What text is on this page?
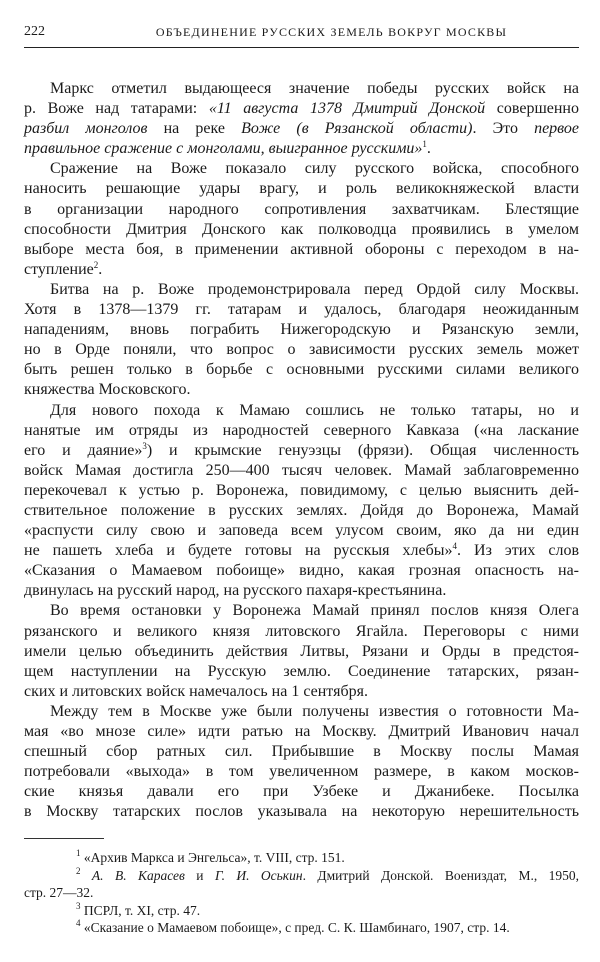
222	ОБЪЕДИНЕНИЕ РУССКИХ ЗЕМЕЛЬ ВОКРУГ МОСКВЫ
Маркс отметил выдающееся значение победы русских войск на
р. Воже над татарами: «11 августа 1378 Дмитрий Донской совершенно
разбил монголов на реке Воже (в Рязанской области). Это первое
правильное сражение с монголами, выигранное русскими»$^1$.
Сражение на Воже показало силу русского войска, способного
наносить решающие удары врагу, и роль великокняжеской власти
в организации народного сопротивления захватчикам. Блестящие
способности Дмитрия Донского как полководца проявились в умелом
выборе места боя, в применении активной обороны с переходом в на-
ступление$^2$.
Битва на р. Воже продемонстрировала перед Ордой силу Москвы.
Хотя в 1378—1379 гг. татарам и удалось, благодаря неожиданным
нападениям, вновь пограбить Нижегородскую и Рязанскую земли,
но в Орде поняли, что вопрос о зависимости русских земель может
быть решен только в борьбе с основными русскими силами великого
княжества Московского.
Для нового похода к Мамаю сошлись не только татары, но и
нанятые им отряды из народностей северного Кавказа («на ласкание
его и даяние»$^3$) и крымские генуэзцы (фрязи). Общая численность
войск Мамая достигла 250—400 тысяч человек. Мамай заблаговременно
перекочевал к устью р. Воронежа, повидимому, с целью выяснить дей-
ствительное положение в русских землях. Дойдя до Воронежа, Мамай
«распусти силу свою и заповеда всем улусом своим, яко да ни един
не пашеть хлеба и будете готовы на русскыя хлебы»$^4$. Из этих слов
«Сказания о Мамаевом побоище» видно, какая грозная опасность на-
двинулась на русский народ, на русского пахаря-крестьянина.
Во время остановки у Воронежа Мамай принял послов князя Олега
рязанского и великого князя литовского Ягайла. Переговоры с ними
имели целью объединить действия Литвы, Рязани и Орды в предстоя-
щем наступлении на Русскую землю. Соединение татарских, рязан-
ских и литовских войск намечалось на 1 сентября.
Между тем в Москве уже были получены известия о готовности Ма-
мая «во мнозе силе» идти ратью на Москву. Дмитрий Иванович начал
спешный сбор ратных сил. Прибывшие в Москву послы Мамая
потребовали «выхода» в том увеличенном размере, в каком москов-
ские князья давали его при Узбеке и Джанибеке. Посылка
в Москву татарских послов указывала на некоторую нерешительность
$^1$ «Архив Маркса и Энгельса», т. VIII, стр. 151.
$^2$ А. В. Карасев и Г. И. Оськин. Дмитрий Донской. Воениздат, М., 1950,
стр. 27—32.
$^3$ ПСРЛ, т. XI, стр. 47.
$^4$ «Сказание о Мамаевом побоище», с пред. С. К. Шамбинаго, 1907, стр. 14.
